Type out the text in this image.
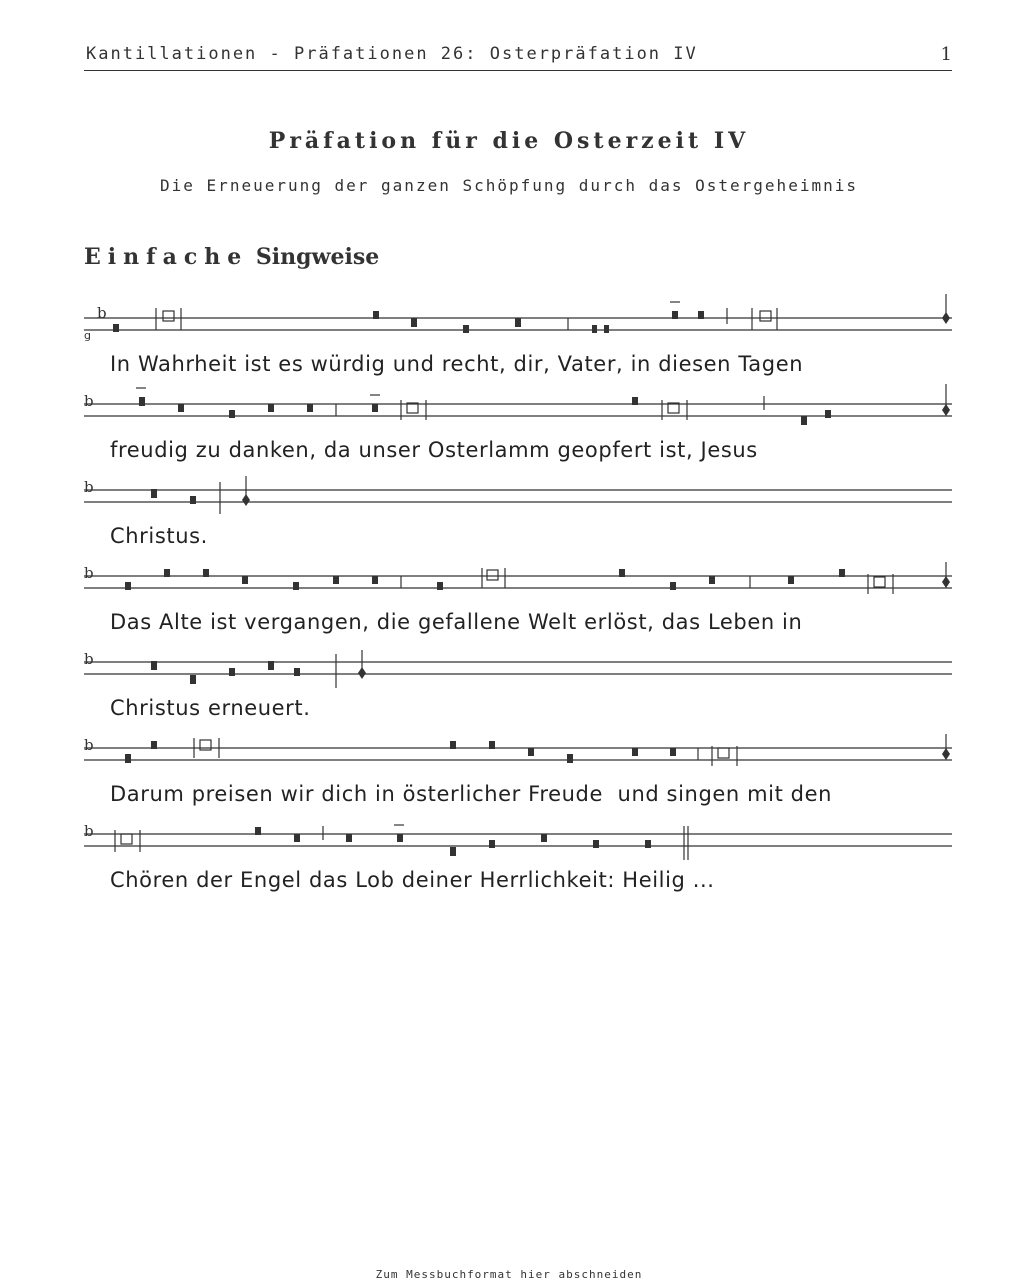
Kantillationen - Präfationen 26: Osterpräfation IV	1
Präfation für die Osterzeit IV
Die Erneuerung der ganzen Schöpfung durch das Ostergeheimnis
Einfache Singweise
b
g
b
b
b
b
b
b
In Wahrheit ist es würdig und recht, dir, Vater, in diesen Tagen
freudig zu danken, da unser Osterlamm geopfert ist, Jesus
Christus.
Das Alte ist vergangen, die gefallene Welt erlöst, das Leben in
Christus erneuert.
Darum preisen wir dich in österlicher Freude  und singen mit den
Chören der Engel das Lob deiner Herrlichkeit: Heilig ...
Zum Messbuchformat hier abschneiden
